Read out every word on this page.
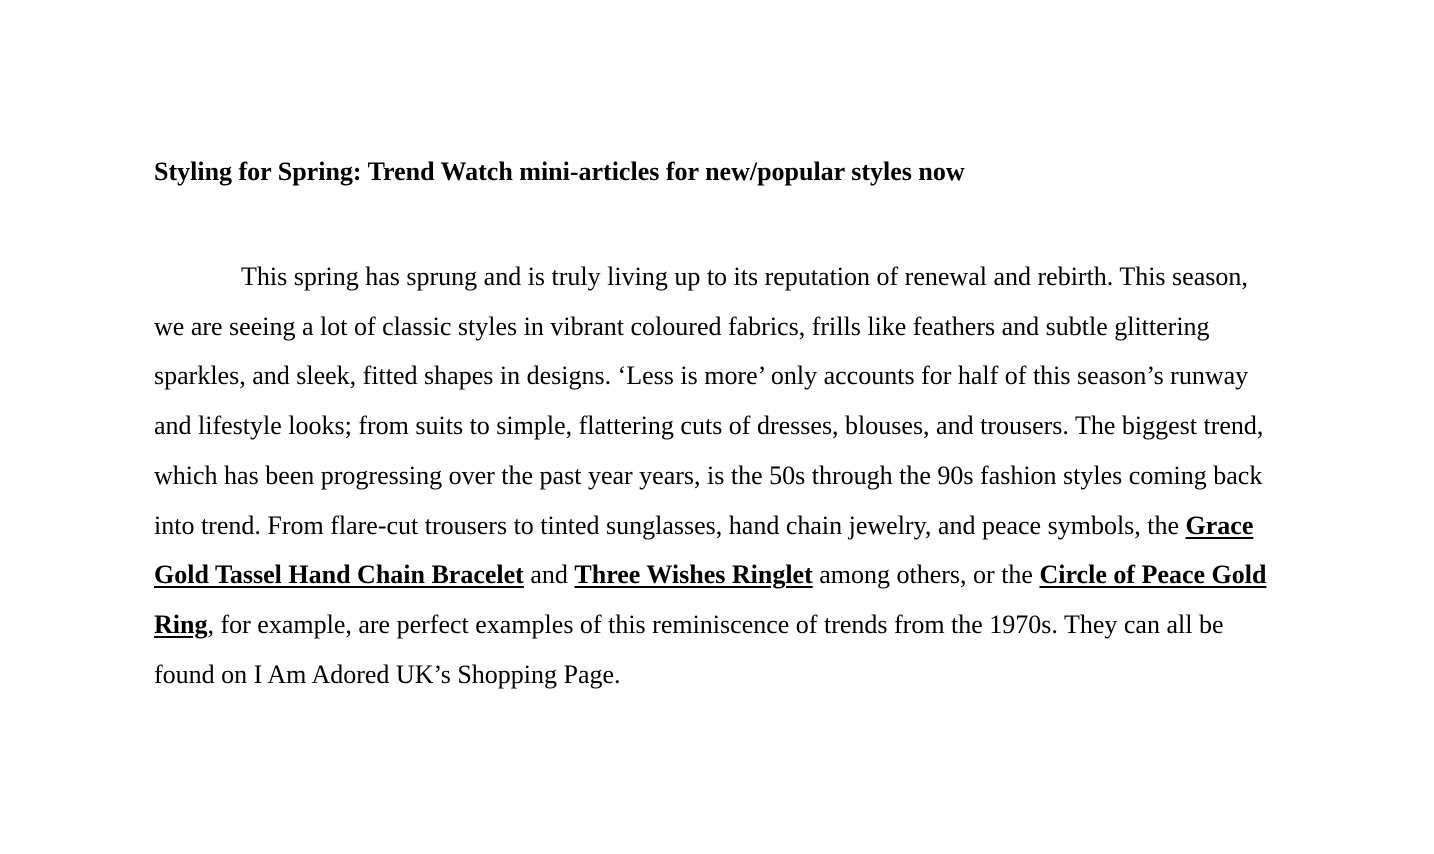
Styling for Spring: Trend Watch mini-articles for new/popular styles now

This spring has sprung and is truly living up to its reputation of renewal and rebirth. This season, we are seeing a lot of classic styles in vibrant coloured fabrics, frills like feathers and subtle glittering sparkles, and sleek, fitted shapes in designs. ‘Less is more’ only accounts for half of this season’s runway and lifestyle looks; from suits to simple, flattering cuts of dresses, blouses, and trousers. The biggest trend, which has been progressing over the past year years, is the 50s through the 90s fashion styles coming back into trend. From flare-cut trousers to tinted sunglasses, hand chain jewelry, and peace symbols, the Grace Gold Tassel Hand Chain Bracelet and Three Wishes Ringlet among others, or the Circle of Peace Gold Ring, for example, are perfect examples of this reminiscence of trends from the 1970s. They can all be found on I Am Adored UK’s Shopping Page.
